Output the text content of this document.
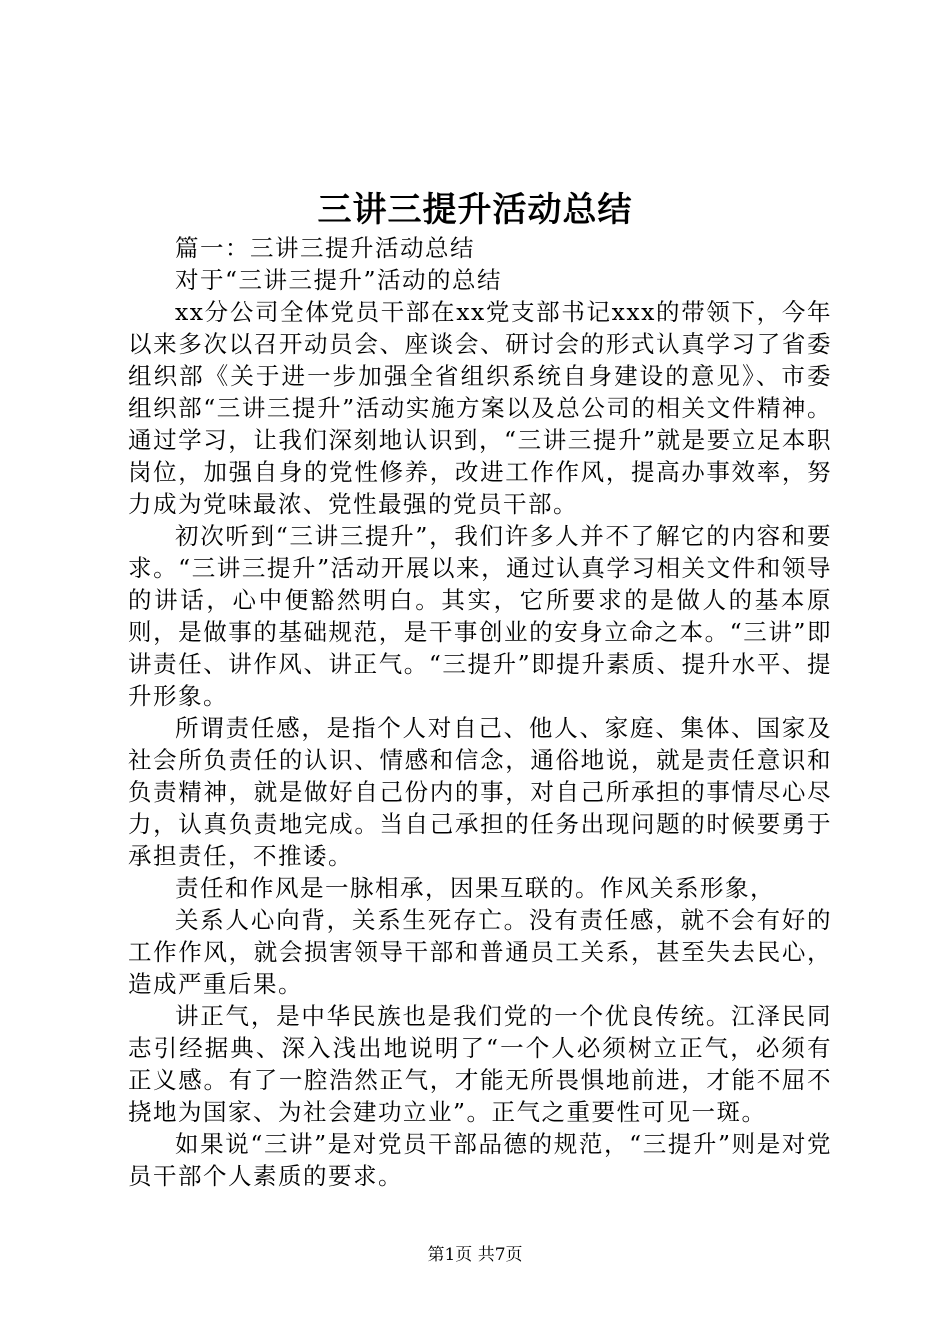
三讲三提升活动总结

篇一：三讲三提升活动总结

对于“三讲三提升”活动的总结

xx分公司全体党员干部在xx党支部书记xxx的带领下，今年以来多次以召开动员会、座谈会、研讨会的形式认真学习了省委组织部《关于进一步加强全省组织系统自身建设的意见》、市委组织部“三讲三提升”活动实施方案以及总公司的相关文件精神。通过学习，让我们深刻地认识到，“三讲三提升”就是要立足本职岗位，加强自身的党性修养，改进工作作风，提高办事效率，努力成为党味最浓、党性最强的党员干部。

初次听到“三讲三提升”，我们许多人并不了解它的内容和要求。“三讲三提升”活动开展以来，通过认真学习相关文件和领导的讲话，心中便豁然明白。其实，它所要求的是做人的基本原则，是做事的基础规范，是干事创业的安身立命之本。“三讲”即讲责任、讲作风、讲正气。“三提升”即提升素质、提升水平、提升形象。

所谓责任感，是指个人对自己、他人、家庭、集体、国家及社会所负责任的认识、情感和信念，通俗地说，就是责任意识和负责精神，就是做好自己份内的事，对自己所承担的事情尽心尽力，认真负责地完成。当自己承担的任务出现问题的时候要勇于承担责任，不推诿。

责任和作风是一脉相承，因果互联的。作风关系形象，

关系人心向背，关系生死存亡。没有责任感，就不会有好的工作作风，就会损害领导干部和普通员工关系，甚至失去民心，造成严重后果。

讲正气，是中华民族也是我们党的一个优良传统。江泽民同志引经据典、深入浅出地说明了“一个人必须树立正气，必须有正义感。有了一腔浩然正气，才能无所畏惧地前进，才能不屈不挠地为国家、为社会建功立业”。正气之重要性可见一斑。

如果说“三讲”是对党员干部品德的规范，“三提升”则是对党员干部个人素质的要求。

第1页 共7页
